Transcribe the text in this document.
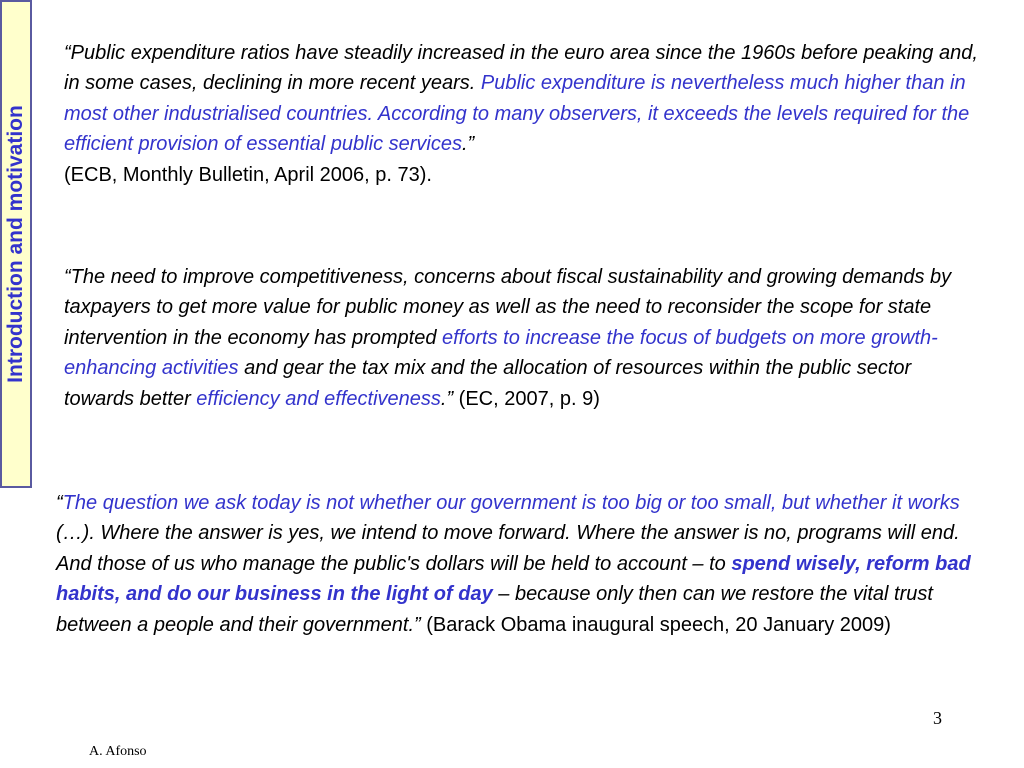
Introduction and motivation

“Public expenditure ratios have steadily increased in the euro area since the 1960s before peaking and, in some cases, declining in more recent years. Public expenditure is nevertheless much higher than in most other industrialised countries. According to many observers, it exceeds the levels required for the efficient provision of essential public services.”
(ECB, Monthly Bulletin, April 2006, p. 73).

“The need to improve competitiveness, concerns about fiscal sustainability and growing demands by taxpayers to get more value for public money as well as the need to reconsider the scope for state intervention in the economy has prompted efforts to increase the focus of budgets on more growth-enhancing activities and gear the tax mix and the allocation of resources within the public sector towards better efficiency and effectiveness.” (EC, 2007, p. 9)

“The question we ask today is not whether our government is too big or too small, but whether it works (…). Where the answer is yes, we intend to move forward. Where the answer is no, programs will end. And those of us who manage the public's dollars will be held to account – to spend wisely, reform bad habits, and do our business in the light of day – because only then can we restore the vital trust between a people and their government.” (Barack Obama inaugural speech, 20 January 2009)

3
A. Afonso
